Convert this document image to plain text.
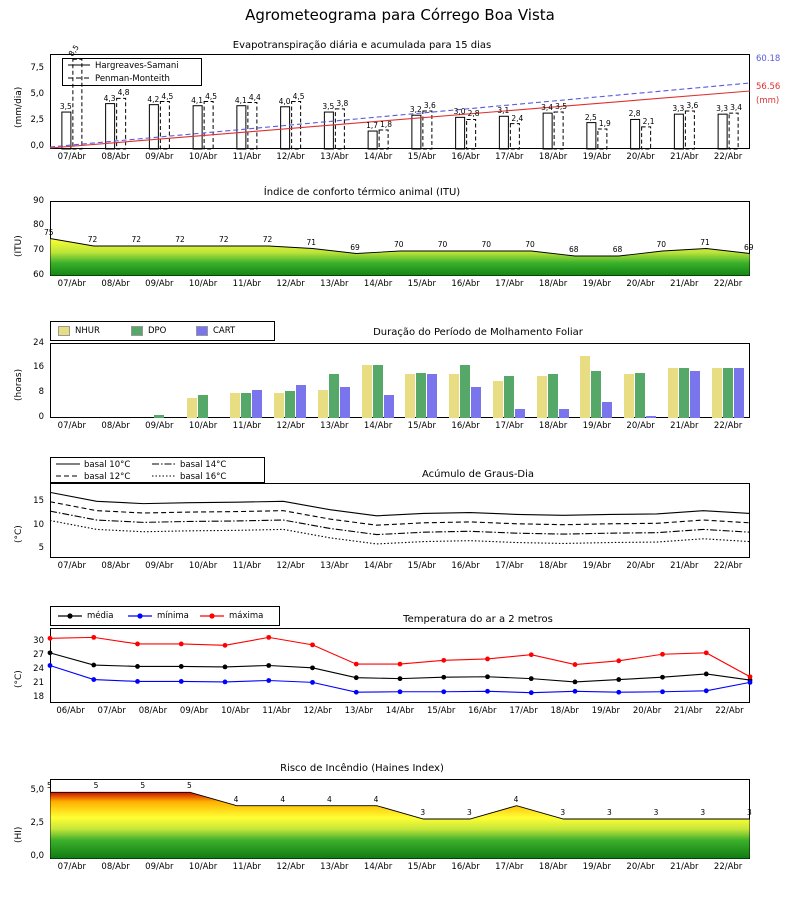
Agrometeograma para Córrego Boa Vista
Evapotranspiração diária e acumulada para 15 dias
(mm/dia)
0,0
2,5
5,0
7,5	Hargreaves-Samani
Penman-Monteith
60.18
56.56
(mm)
3,5
8,5
4,3
4,8
4,2 4,5 4,1 4,5 4,1 4,4 4,0
4,5
3,5 3,8
1,7 1,8
3,2 3,6
3,0 2,8 3,1
2,4
3,4 3,5
2,5
1,9
2,8
2,1
3,3 3,6 3,3 3,4
07/Abr	08/Abr	09/Abr	10/Abr	11/Abr	12/Abr	13/Abr	14/Abr	15/Abr	16/Abr	17/Abr	18/Abr	19/Abr	20/Abr	21/Abr	22/Abr
Índice de conforto térmico animal (ITU)
(ITU)
60
70
80
90
75
72	72	72	72	72	71
69	70	70	70	70
68	68
70	71
69
07/Abr	08/Abr	09/Abr	10/Abr	11/Abr	12/Abr	13/Abr	14/Abr	15/Abr	16/Abr	17/Abr	18/Abr	19/Abr	20/Abr	21/Abr	22/Abr
Duração do Período de Molhamento Foliar
(horas)
0
8
16
24
NHUR	DPO	CART
07/Abr	08/Abr	09/Abr	10/Abr	11/Abr	12/Abr	13/Abr	14/Abr	15/Abr	16/Abr	17/Abr	18/Abr	19/Abr	20/Abr	21/Abr	22/Abr
Acúmulo de Graus-Dia
(°C)
5
10
15
basal 10°C
basal 12°C
basal 14°C
basal 16°C
07/Abr	08/Abr	09/Abr	10/Abr	11/Abr	12/Abr	13/Abr	14/Abr	15/Abr	16/Abr	17/Abr	18/Abr	19/Abr	20/Abr	21/Abr	22/Abr
Temperatura do ar a 2 metros
(°C)
18
21
24
27
30
média	mínima	máxima
06/Abr	07/Abr	08/Abr	09/Abr	10/Abr	11/Abr	12/Abr	13/Abr	14/Abr	15/Abr	16/Abr	17/Abr	18/Abr	19/Abr	20/Abr	21/Abr	22/Abr
Risco de Incêndio (Haines Index)
(HI)
0,0
2,5
5,0 5	5	5	5
4	4	4	4
3	3
4
3	3	3	3	3
07/Abr	08/Abr	09/Abr	10/Abr	11/Abr	12/Abr	13/Abr	14/Abr	15/Abr	16/Abr	17/Abr	18/Abr	19/Abr	20/Abr	21/Abr	22/Abr
